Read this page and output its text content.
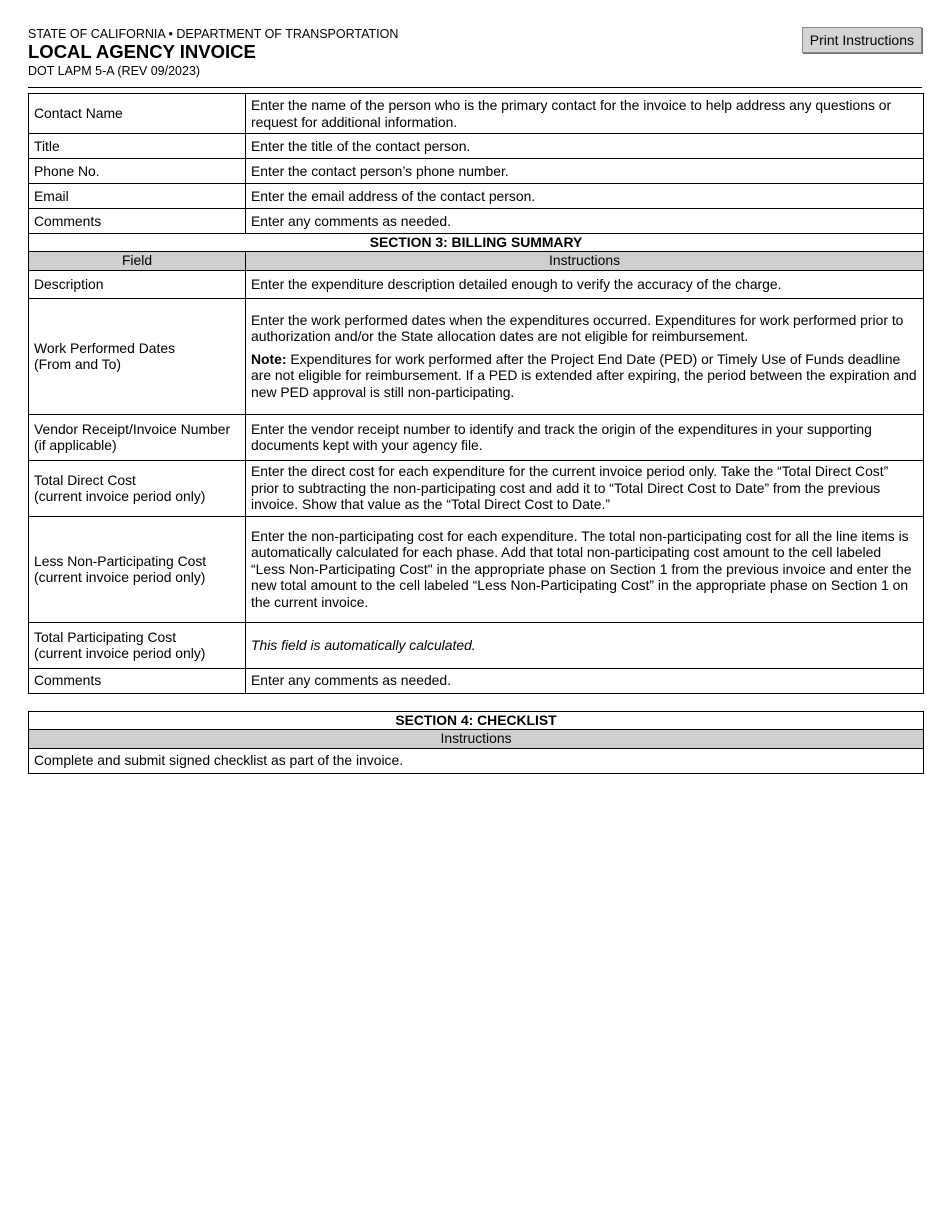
STATE OF CALIFORNIA • DEPARTMENT OF TRANSPORTATION
LOCAL AGENCY INVOICE
DOT LAPM 5-A (REV 09/2023)
Print Instructions
Contact Name	Enter the name of the person who is the primary contact for the invoice to help address any questions or request for additional information.
Title	Enter the title of the contact person.
Phone No.	Enter the contact person’s phone number.
Email	Enter the email address of the contact person.
Comments	Enter any comments as needed.
SECTION 3: BILLING SUMMARY	
Field	Instructions
Description	Enter the expenditure description detailed enough to verify the accuracy of the charge.

Work Performed Dates
(From and To)	Enter the work performed dates when the expenditures occurred. Expenditures for work performed prior to authorization and/or the State allocation dates are not eligible for reimbursement.
Note: Expenditures for work performed after the Project End Date (PED) or Timely Use of Funds deadline are not eligible for reimbursement. If a PED is extended after expiring, the period between the expiration and new PED approval is still non-participating.

Vendor Receipt/Invoice Number
(if applicable)	Enter the vendor receipt number to identify and track the origin of the expenditures in your supporting documents kept with your agency file.

Total Direct Cost
(current invoice period only)	Enter the direct cost for each expenditure for the current invoice period only. Take the “Total Direct Cost” prior to subtracting the non-participating cost and add it to “Total Direct Cost to Date” from the previous invoice. Show that value as the “Total Direct Cost to Date.”

Less Non-Participating Cost
(current invoice period only)	Enter the non-participating cost for each expenditure. The total non-participating cost for all the line items is automatically calculated for each phase. Add that total non-participating cost amount to the cell labeled “Less Non-Participating Cost" in the appropriate phase on Section 1 from the previous invoice and enter the new total amount to the cell labeled “Less Non-Participating Cost” in the appropriate phase on Section 1 on the current invoice.

Total Participating Cost
(current invoice period only)	This field is automatically calculated.
Comments	Enter any comments as needed.
SECTION 4: CHECKLIST
Instructions
Complete and submit signed checklist as part of the invoice.
